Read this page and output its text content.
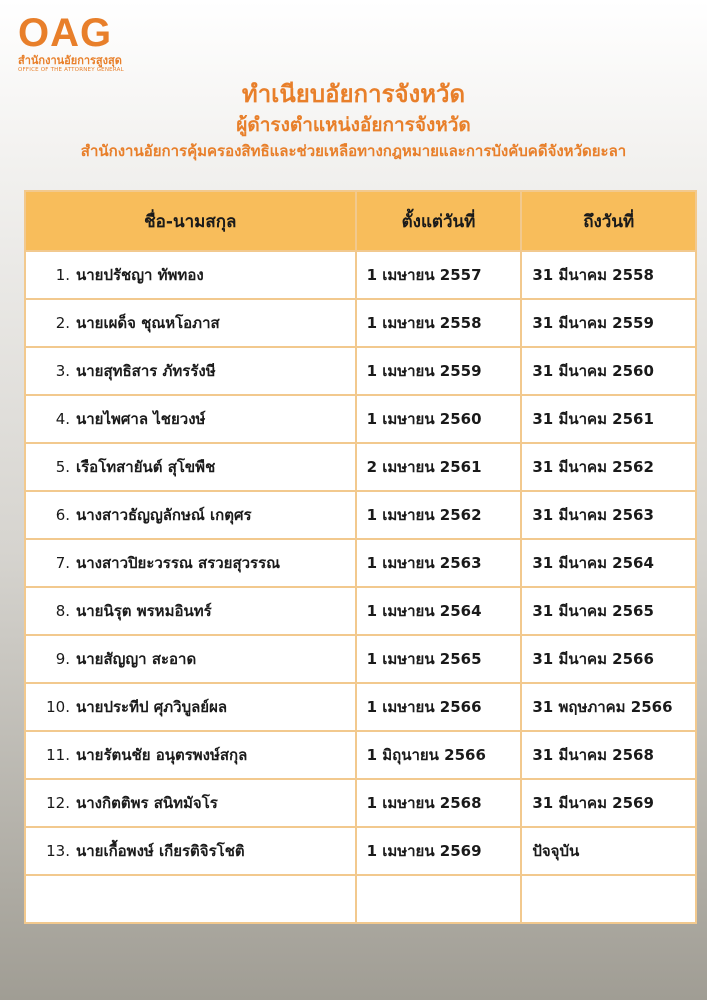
OAG
สำนักงานอัยการสูงสุด
OFFICE OF THE ATTORNEY GENERAL
ทำเนียบอัยการจังหวัด
ผู้ดำรงตำแหน่งอัยการจังหวัด
สำนักงานอัยการคุ้มครองสิทธิและช่วยเหลือทางกฎหมายและการบังคับคดีจังหวัดยะลา
ชื่อ-นามสกุล	ตั้งแต่วันที่	ถึงวันที่
1. นายปรัชญา ทัพทอง	1 เมษายน 2557	31 มีนาคม 2558
2. นายเผด็จ ชุณหโอภาส	1 เมษายน 2558	31 มีนาคม 2559
3. นายสุทธิสาร ภัทรรังษี	1 เมษายน 2559	31 มีนาคม 2560
4. นายไพศาล ไชยวงษ์	1 เมษายน 2560	31 มีนาคม 2561
5. เรือโทสายันต์ สุโขพืช	2 เมษายน 2561	31 มีนาคม 2562
6. นางสาวธัญญลักษณ์ เกตุศร	1 เมษายน 2562	31 มีนาคม 2563
7. นางสาวปิยะวรรณ สรวยสุวรรณ	1 เมษายน 2563	31 มีนาคม 2564
8. นายนิรุต พรหมอินทร์	1 เมษายน 2564	31 มีนาคม 2565
9. นายสัญญา สะอาด	1 เมษายน 2565	31 มีนาคม 2566
10. นายประทีป ศุภวิบูลย์ผล	1 เมษายน 2566	31 พฤษภาคม 2566
11. นายรัตนชัย อนุตรพงษ์สกุล	1 มิถุนายน 2566	31 มีนาคม 2568
12. นางกิตติพร สนิทมัจโร	1 เมษายน 2568	31 มีนาคม 2569
13. นายเกื้อพงษ์ เกียรติจิรโชติ	1 เมษายน 2569	ปัจจุบัน
